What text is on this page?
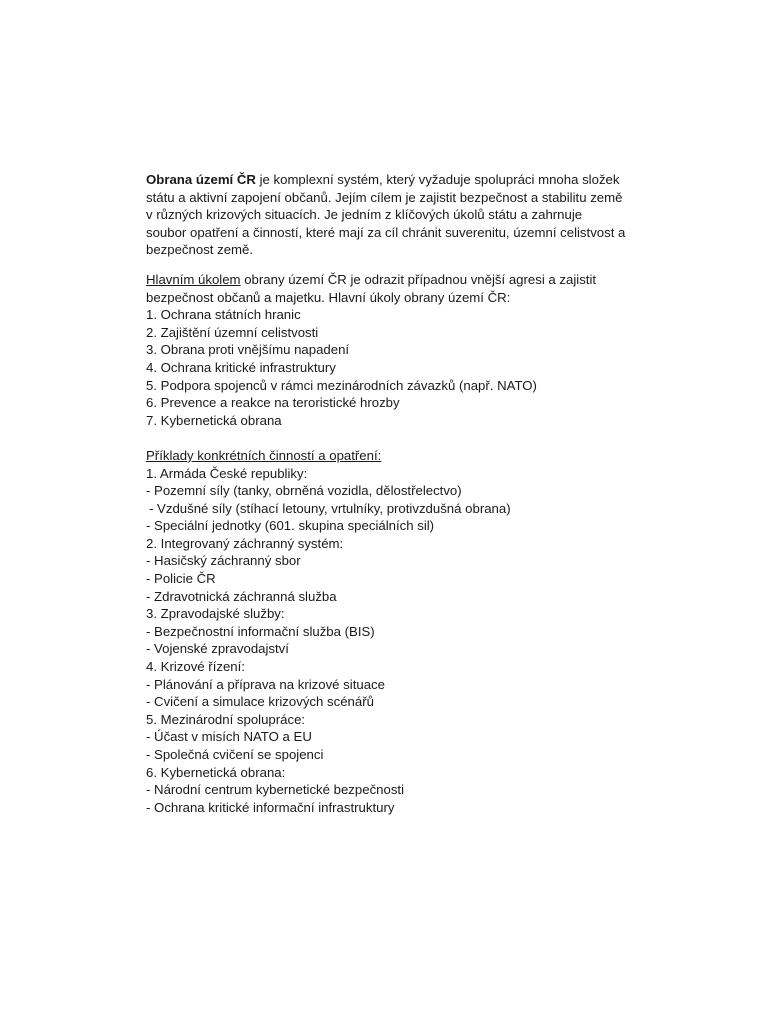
Obrana území ČR je komplexní systém, který vyžaduje spolupráci mnoha složek státu a aktivní zapojení občanů. Jejím cílem je zajistit bezpečnost a stabilitu země v různých krizových situacích. Je jedním z klíčových úkolů státu a zahrnuje soubor opatření a činností, které mají za cíl chránit suverenitu, územní celistvost a bezpečnost země.

Hlavním úkolem obrany území ČR je odrazit případnou vnější agresi a zajistit bezpečnost občanů a majetku. Hlavní úkoly obrany území ČR:

1. Ochrana státních hranic
2. Zajištění územní celistvosti
3. Obrana proti vnějšímu napadení
4. Ochrana kritické infrastruktury
5. Podpora spojenců v rámci mezinárodních závazků (např. NATO)
6. Prevence a reakce na teroristické hrozby
7. Kybernetická obrana
Příklady konkrétních činností a opatření:
1. Armáda České republiky:
- Pozemní síly (tanky, obrněná vozidla, dělostřelectvo)
- Vzdušné síly (stíhací letouny, vrtulníky, protivzdušná obrana)
- Speciální jednotky (601. skupina speciálních sil)
2. Integrovaný záchranný systém:
- Hasičský záchranný sbor
- Policie ČR
- Zdravotnická záchranná služba
3. Zpravodajské služby:
- Bezpečnostní informační služba (BIS)
- Vojenské zpravodajství
4. Krizové řízení:
- Plánování a příprava na krizové situace
- Cvičení a simulace krizových scénářů
5. Mezinárodní spolupráce:
- Účast v misích NATO a EU
- Společná cvičení se spojenci
6. Kybernetická obrana:
- Národní centrum kybernetické bezpečnosti
- Ochrana kritické informační infrastruktury
